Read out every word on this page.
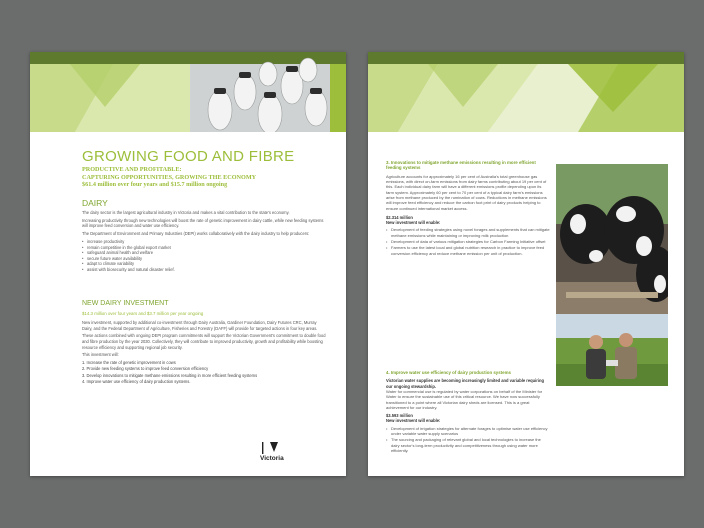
GROWING FOOD AND FIBRE

PRODUCTIVE AND PROFITABLE:
CAPTURING OPPORTUNITIES, GROWING THE ECONOMY
$61.4 million over four years and $15.7 million ongoing

DAIRY

The dairy sector is the largest agricultural industry in Victoria and makes a vital contribution to the state's economy.

Increasing productivity through new technologies will boost the rate of genetic improvement in dairy cattle, while new feeding systems will improve feed conversion and water use efficiency.

The Department of Environment and Primary Industries (DEPI) works collaboratively with the dairy industry to help producers:

• increase productivity
• remain competitive in the global export market
• safeguard animal health and welfare
• secure future water availability
• adapt to climate variability
• assist with biosecurity and natural disaster relief.
NEW DAIRY INVESTMENT

$14.3 million over four years and $3.7 million per year ongoing

New investment, supported by additional co-investment through Dairy Australia, Gardiner Foundation, Dairy Futures CRC, Murray Dairy, and the Federal Department of Agriculture, Fisheries and Forestry (DAFF) will provide for targeted actions in four key areas.

These actions combined with ongoing DEPI program commitments will support the Victorian Government's commitment to double food and fibre production by the year 2030. Collectively, they will contribute to improved productivity, growth and profitability while boosting resource efficiency and supporting regional job security.

This investment will:

1. Increase the rate of genetic improvement in cows
2. Provide new feeding systems to improve feed conversion efficiency
3. Develop innovations to mitigate methane emissions resulting in more efficient feeding systems
4. Improve water use efficiency of dairy production systems.
Victoria

3. Innovations to mitigate methane emissions resulting in more efficient feeding systems

Agriculture accounts for approximately 16 per cent of Australia's total greenhouse gas emissions, with direct on-farm emissions from dairy farms contributing about 19 per cent of this. Each individual dairy farm will have a different emissions profile depending upon its farm system. Approximately 60 per cent to 70 per cent of a typical dairy farm's emissions arise from methane produced by the rumination of cows. Reductions in methane emissions will improve feed efficiency and reduce the carbon foot print of dairy products helping to ensure continued international market access.

$2.314 million

New investment will enable:

• Development of feeding strategies using novel forages and supplements that can mitigate methane emissions while maintaining or improving milk production
• Development of data of various mitigation strategies for Carbon Farming Initiative offset
• Farmers to use the latest local and global nutrition research in practice to improve feed conversion efficiency and reduce methane emission per unit of production.

4. Improve water use efficiency of dairy production systems

Victorian water supplies are becoming increasingly limited and variable requiring our ongoing stewardship.

Water for commercial use is regulated by water corporations on behalf of the Minister for Water to ensure the sustainable use of this critical resource. We have now successfully transitioned to a point where all Victorian dairy sheds are licensed. This is a great achievement for our industry.

$3.593 million

New investment will enable:

• Development of irrigation strategies for alternate forages to optimise water use efficiency under variable water supply scenarios
• The sourcing and packaging of relevant global and local technologies to increase the dairy sector's long-term productivity and competitiveness through using water more efficiently.
